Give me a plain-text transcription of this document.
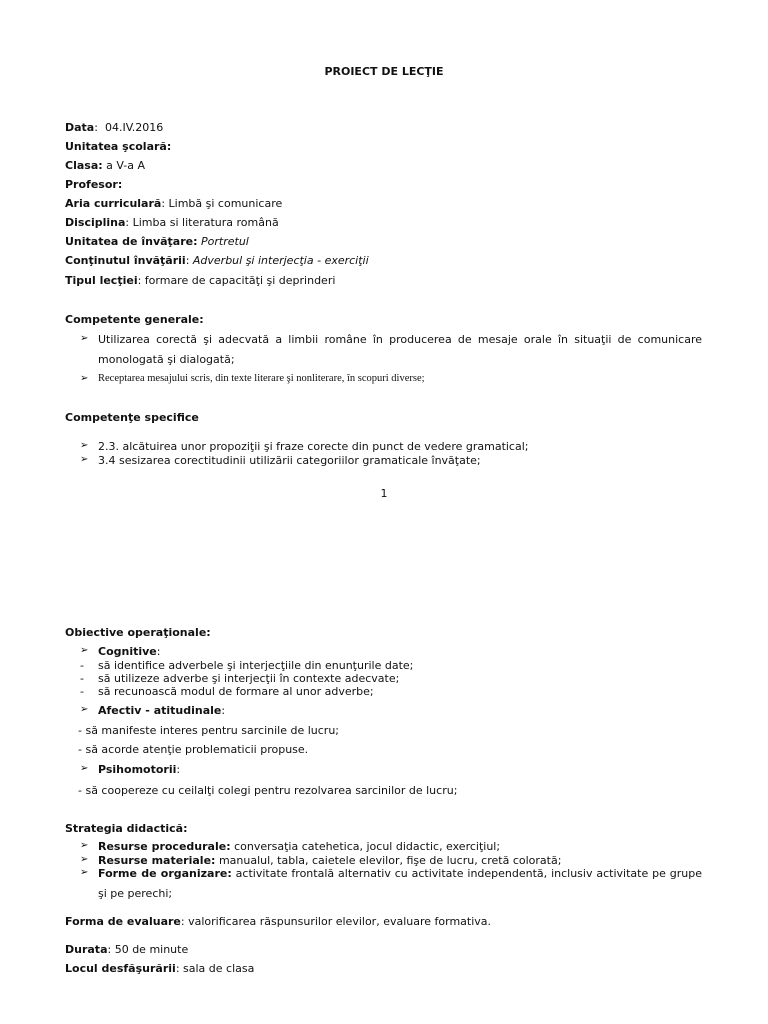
PROIECT DE LECŢIE
Data:  04.IV.2016
Unitatea şcolară:
Clasa: a V-a A
Profesor:
Aria curriculară: Limbă şi comunicare
Disciplina: Limba si literatura română
Unitatea de învăţare: Portretul
Conţinutul învăţării: Adverbul şi interjecţia - exerciţii
Tipul lecţiei: formare de capacităţi şi deprinderi
Competente generale:
➢ Utilizarea corectă şi adecvată a limbii române în producerea de mesaje orale în situaţii de comunicare
monologată şi dialogată;
➢ Receptarea mesajului scris, din texte literare şi nonliterare, în scopuri diverse;
Competenţe specifice
➢ 2.3. alcătuirea unor propoziţii şi fraze corecte din punct de vedere gramatical;
➢ 3.4 sesizarea corectitudinii utilizării categoriilor gramaticale învăţate;
1
Obiective operaţionale:
➢ Cognitive:
- să identifice adverbele şi interjecţiile din enunţurile date;
- să utilizeze adverbe şi interjecţii în contexte adecvate;
- să recunoască modul de formare al unor adverbe;
➢ Afectiv - atitudinale:
- să manifeste interes pentru sarcinile de lucru;
- să acorde atenţie problematicii propuse.
➢ Psihomotorii:
- să coopereze cu ceilalţi colegi pentru rezolvarea sarcinilor de lucru;
Strategia didactică:
➢ Resurse procedurale: conversaţia catehetica, jocul didactic, exerciţiul;
➢ Resurse materiale: manualul, tabla, caietele elevilor, fişe de lucru, cretă colorată;
➢ Forme de organizare: activitate frontală alternativ cu activitate independentă, inclusiv activitate pe grupe
şi pe perechi;
Forma de evaluare: valorificarea răspunsurilor elevilor, evaluare formativa.
Durata: 50 de minute
Locul desfăşurării: sala de clasa
